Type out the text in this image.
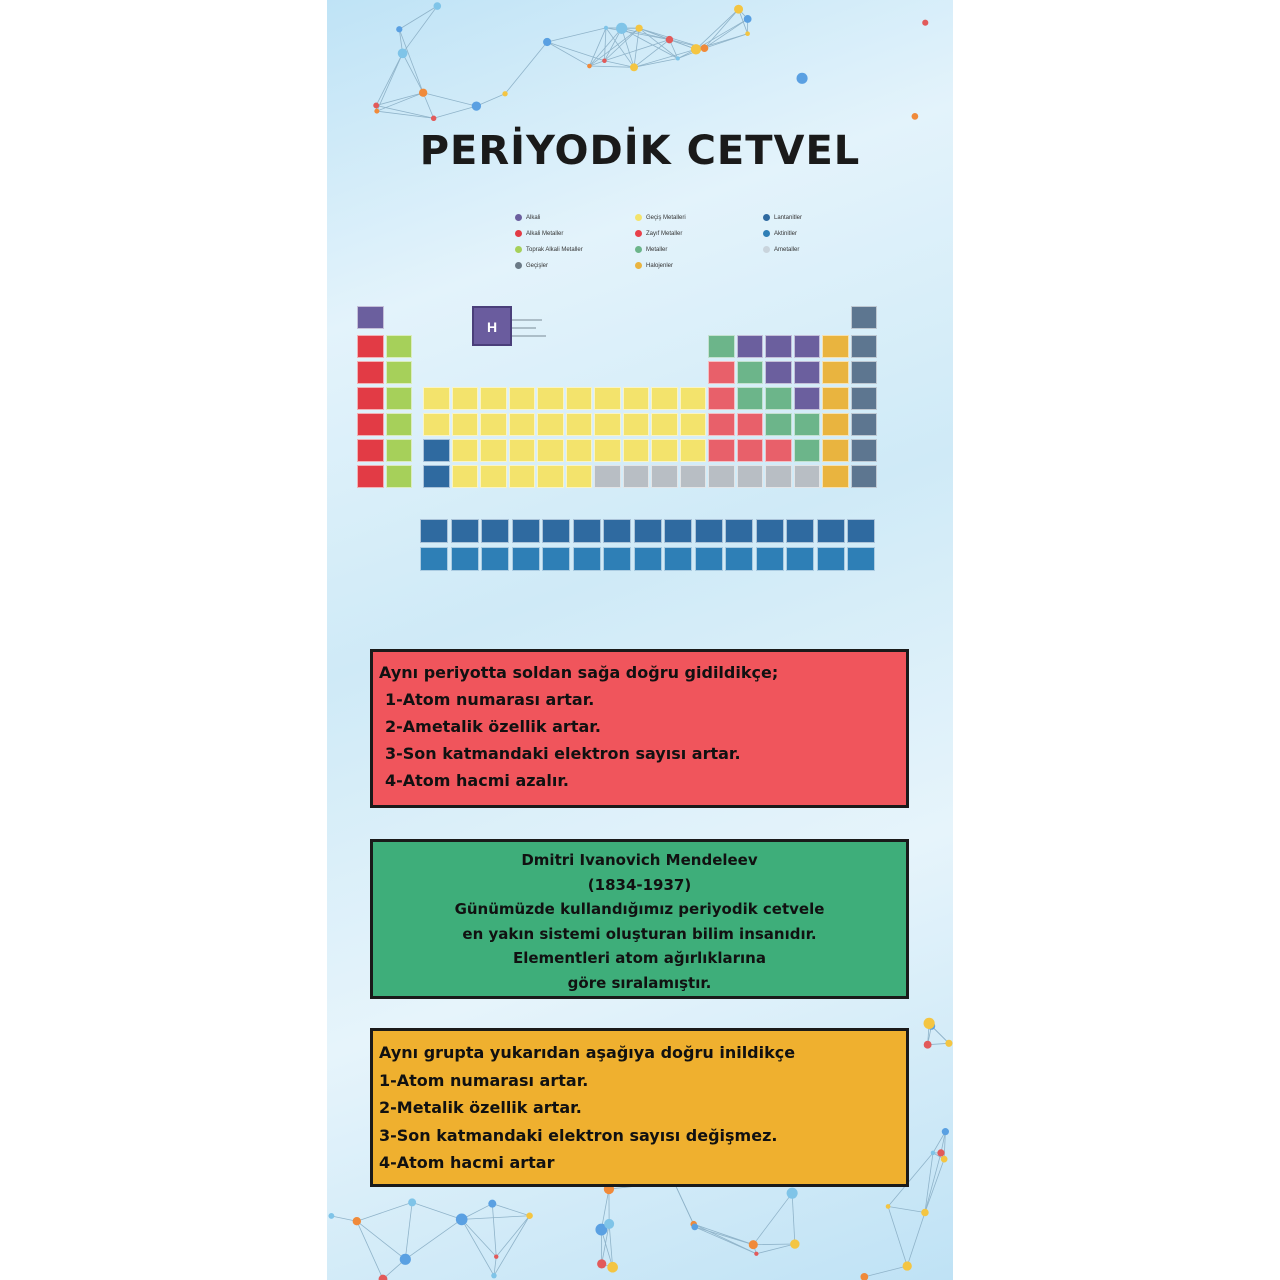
PERİYODİK CETVEL
Alkali
Alkali Metaller
Toprak Alkali Metaller
Geçişler
Geçiş Metalleri
Zayıf Metaller
Metaller
Halojenler
Lantanitler
Aktinitler
Ametaller
H
Aynı periyotta soldan sağa doğru gidildikçe;
1-Atom numarası artar.
2-Ametalik özellik artar.
3-Son katmandaki elektron sayısı artar.
4-Atom hacmi azalır.
Dmitri Ivanovich Mendeleev
(1834-1937)
Günümüzde kullandığımız periyodik cetvele
en yakın sistemi oluşturan bilim insanıdır.
Elementleri atom ağırlıklarına
göre sıralamıştır.
Aynı grupta yukarıdan aşağıya doğru inildikçe
1-Atom numarası artar.
2-Metalik özellik artar.
3-Son katmandaki elektron sayısı değişmez.
4-Atom hacmi artar
